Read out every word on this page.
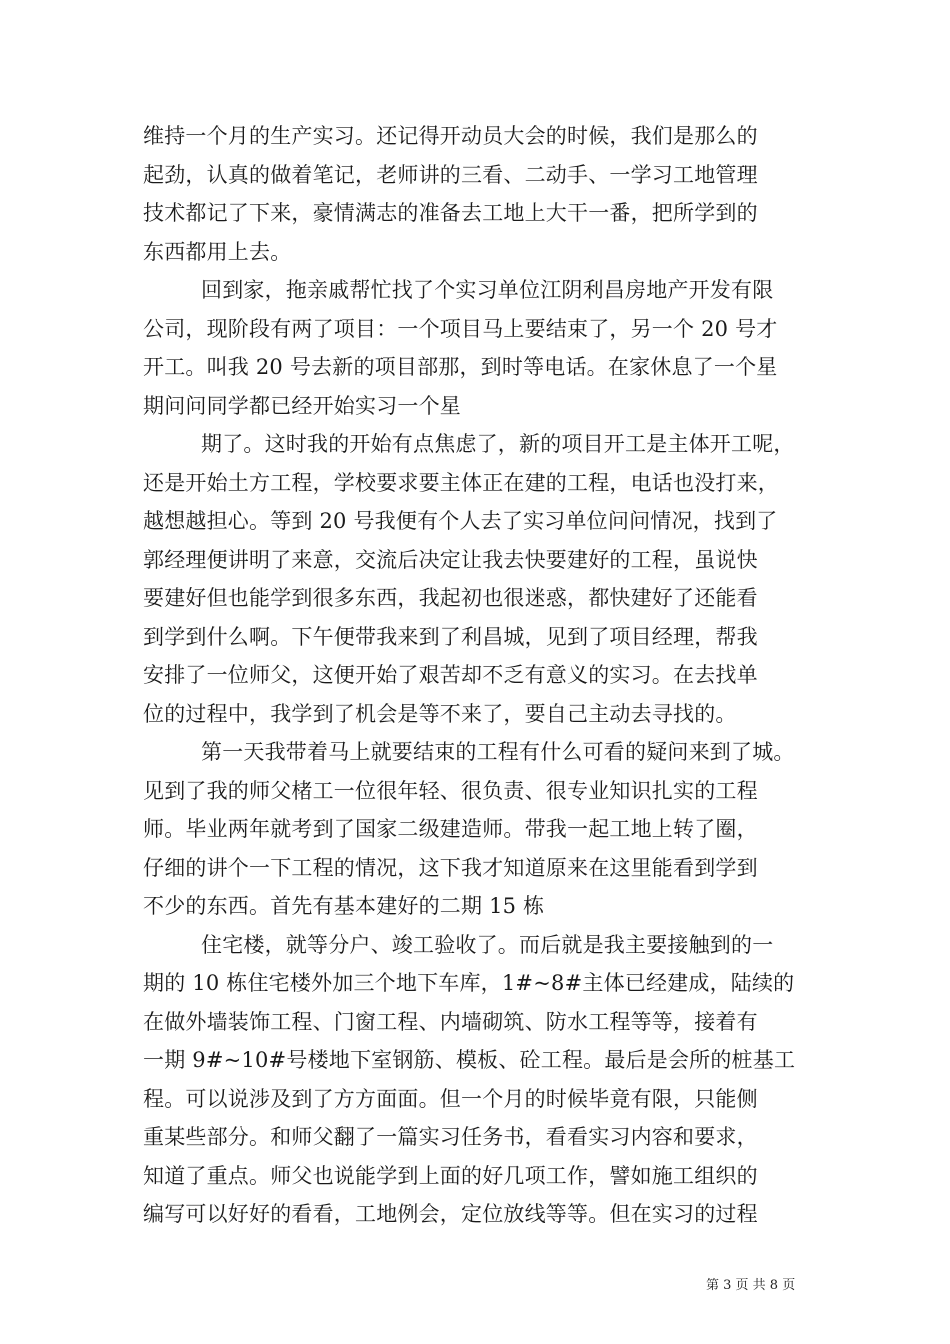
维持一个月的生产实习。还记得开动员大会的时候，我们是那么的
起劲，认真的做着笔记，老师讲的三看、二动手、一学习工地管理
技术都记了下来，豪情满志的准备去工地上大干一番，把所学到的
东西都用上去。
回到家，拖亲戚帮忙找了个实习单位江阴利昌房地产开发有限
公司，现阶段有两了项目：一个项目马上要结束了，另一个 20 号才
开工。叫我 20 号去新的项目部那，到时等电话。在家休息了一个星
期问问同学都已经开始实习一个星
期了。这时我的开始有点焦虑了，新的项目开工是主体开工呢，
还是开始土方工程，学校要求要主体正在建的工程，电话也没打来，
越想越担心。等到 20 号我便有个人去了实习单位问问情况，找到了
郭经理便讲明了来意，交流后决定让我去快要建好的工程，虽说快
要建好但也能学到很多东西，我起初也很迷惑，都快建好了还能看
到学到什么啊。下午便带我来到了利昌城，见到了项目经理，帮我
安排了一位师父，这便开始了艰苦却不乏有意义的实习。在去找单
位的过程中，我学到了机会是等不来了，要自己主动去寻找的。
第一天我带着马上就要结束的工程有什么可看的疑问来到了城。
见到了我的师父楮工一位很年轻、很负责、很专业知识扎实的工程
师。毕业两年就考到了国家二级建造师。带我一起工地上转了圈，
仔细的讲个一下工程的情况，这下我才知道原来在这里能看到学到
不少的东西。首先有基本建好的二期 15 栋
住宅楼，就等分户、竣工验收了。而后就是我主要接触到的一
期的 10 栋住宅楼外加三个地下车库，1#~8#主体已经建成，陆续的
在做外墙装饰工程、门窗工程、内墙砌筑、防水工程等等，接着有
一期 9#~10#号楼地下室钢筋、模板、砼工程。最后是会所的桩基工
程。可以说涉及到了方方面面。但一个月的时候毕竟有限，只能侧
重某些部分。和师父翻了一篇实习任务书，看看实习内容和要求，
知道了重点。师父也说能学到上面的好几项工作，譬如施工组织的
编写可以好好的看看，工地例会，定位放线等等。但在实习的过程
第 3 页 共 8 页
